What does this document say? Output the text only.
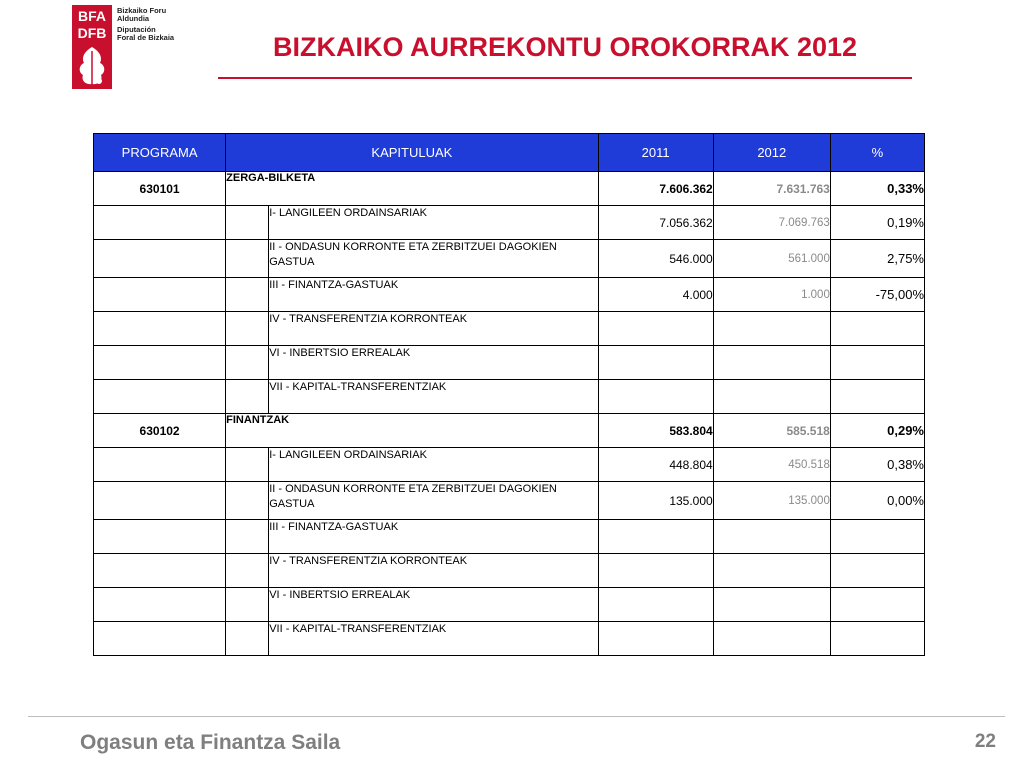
BFA
DFB
Bizkaiko Foru
Aldundia
Diputación
Foral de Bizkaia	BIZKAIKO AURREKONTU OROKORRAK 2012
PROGRAMA	KAPITULUAK		2011	2012	%
630101	ZERGA-BILKETA		7.606.362	7.631.763	0,33%
		I- LANGILEEN ORDAINSARIAK	7.056.362	7.069.763	0,19%
		II - ONDASUN KORRONTE ETA ZERBITZUEI DAGOKIEN GASTUA	546.000	561.000	2,75%
		III - FINANTZA-GASTUAK	4.000	1.000	-75,00%
		IV - TRANSFERENTZIA KORRONTEAK			
		VI - INBERTSIO ERREALAK			
		VII - KAPITAL-TRANSFERENTZIAK			
630102	FINANTZAK		583.804	585.518	0,29%
		I- LANGILEEN ORDAINSARIAK	448.804	450.518	0,38%
		II - ONDASUN KORRONTE ETA ZERBITZUEI DAGOKIEN GASTUA	135.000	135.000	0,00%
		III - FINANTZA-GASTUAK			
		IV - TRANSFERENTZIA KORRONTEAK			
		VI - INBERTSIO ERREALAK			
		VII - KAPITAL-TRANSFERENTZIAK			
Ogasun eta Finantza Saila	22
